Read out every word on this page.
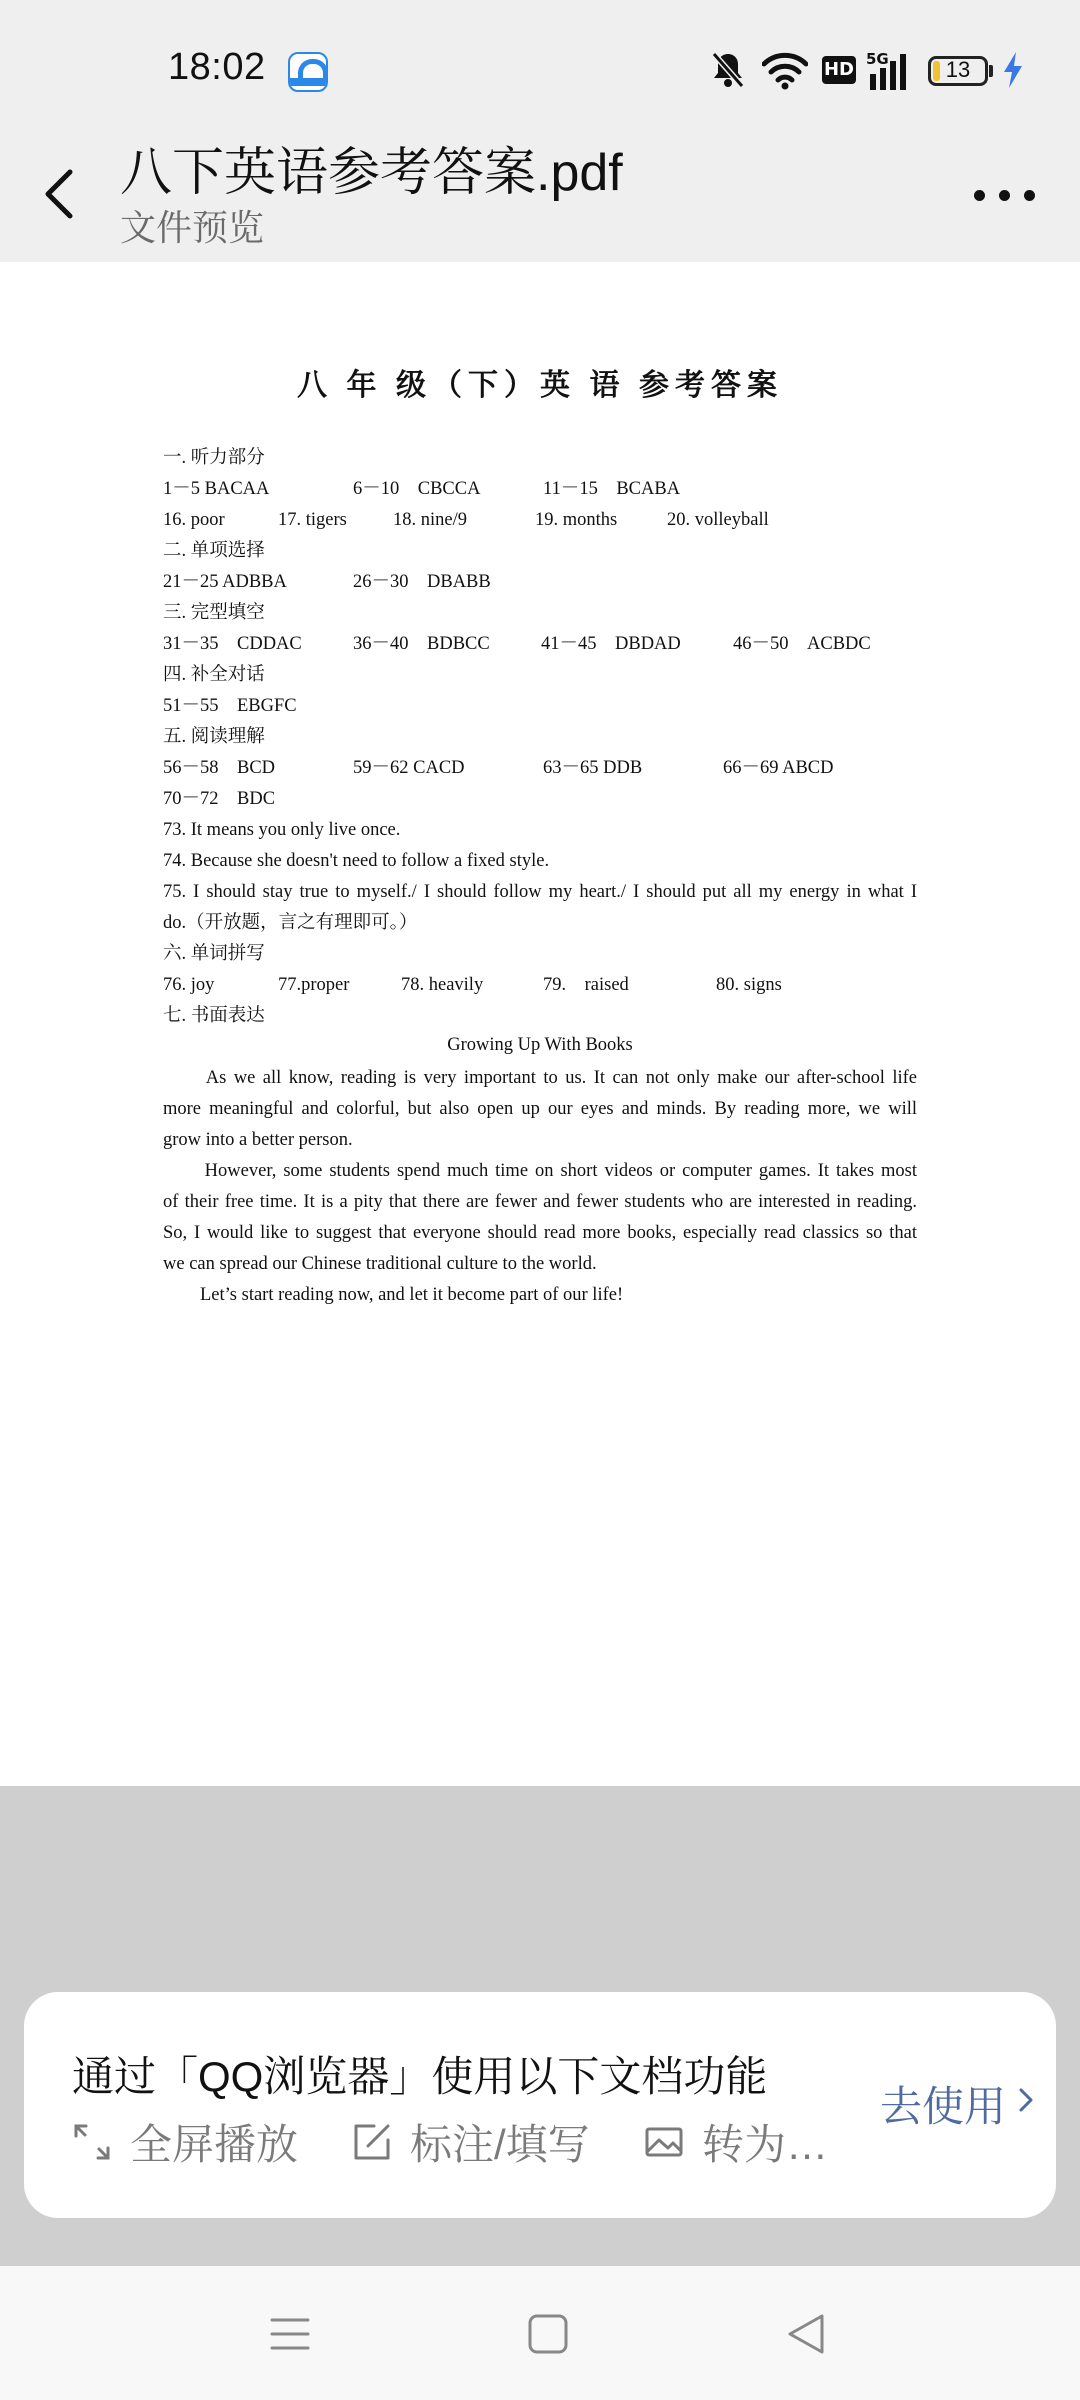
18:02	HD 5G	13
八下英语参考答案.pdf
文件预览
八 年 级（下）英 语 参考答案
一. 听力部分
1－5 BACAA	6－10　CBCCA	11－15　BCABA
16. poor	17. tigers 18. nine/9	19. months	20. volleyball
二. 单项选择
21－25 ADBBA	26－30　DBABB
三. 完型填空
31－35　CDDAC	36－40　BDBCC	41－45　DBDAD	46－50　ACBDC
四. 补全对话
51－55　EBGFC
五. 阅读理解
56－58　BCD	59－62 CACD	63－65 DDB	66－69 ABCD
70－72　BDC
73. It means you only live once.
74. Because she doesn't need to follow a fixed style.
75. I should stay true to myself./ I should follow my heart./ I should put all my energy in what I
do.（开放题，言之有理即可。）
六. 单词拼写
76. joy	77.proper	78. heavily	79.　raised	80. signs
七. 书面表达
Growing Up With Books
　　As we all know, reading is very important to us. It can not only make our after-school life
more meaningful and colorful, but also open up our eyes and minds. By reading more, we will
grow into a better person.
　　However, some students spend much time on short videos or computer games. It takes most
of their free time. It is a pity that there are fewer and fewer students who are interested in reading.
So, I would like to suggest that everyone should read more books, especially read classics so that
we can spread our Chinese traditional culture to the world.
　　Let’s start reading now, and let it become part of our life!
通过「QQ浏览器」使用以下文档功能
全屏播放	标注/填写	转为…
去使用
